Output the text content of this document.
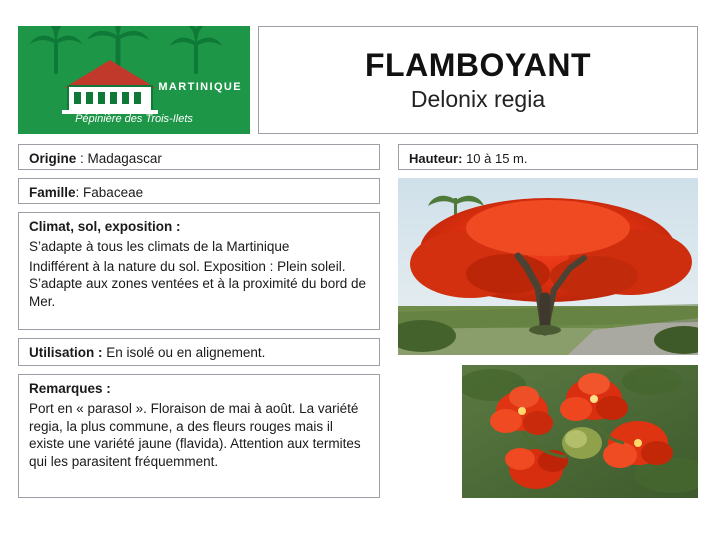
MARTINIQUE
Pépinière des Trois-Ilets
FLAMBOYANT
Delonix regia
Origine : Madagascar
Famille: Fabaceae

Climat, sol, exposition :

S’adapte à tous les climats de la Martinique

Indifférent à la nature du sol. Exposition : Plein soleil. S’adapte aux zones ventées et à la proximité du bord de Mer.

Utilisation : En isolé ou en alignement.

Remarques :

Port en « parasol ». Floraison de mai à août. La variété regia, la plus commune, a des fleurs rouges mais il existe une variété jaune (flavida). Attention aux termites qui les parasitent fréquemment.

Hauteur: 10 à 15 m.
